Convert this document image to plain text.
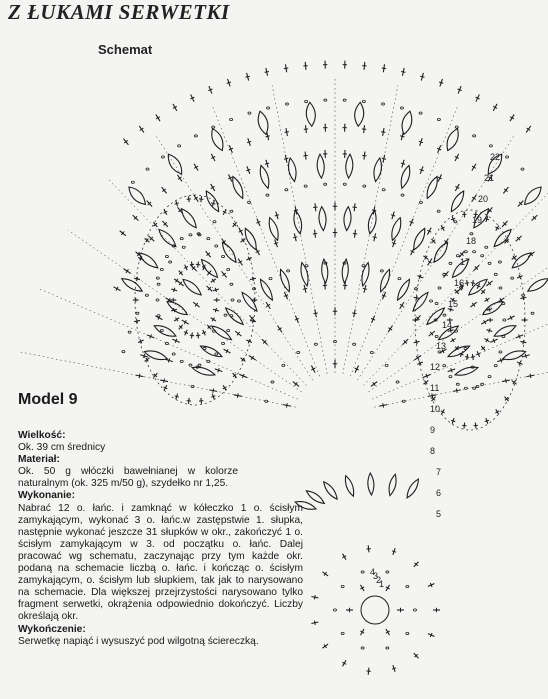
Z ŁUKAMI SERWETKI
Schemat
22
21
20
19
18
17
16
15
14
13
12
11
10
9
8
7
6
5
4
3
2
1
Model 9
Wielkość:
Ok. 39 cm średnicy
Materiał:
Ok. 50 g włóczki bawełnianej w kolorze naturalnym (ok. 325 m/50 g), szydełko nr 1,25.
Wykonanie:
Nabrać 12 o. łańc. i zamknąć w kółeczko 1 o. ścisłym zamykającym, wykonać 3 o. łańc.w zastępstwie 1. słupka, następnie wykonać jeszcze 31 słupków w okr., zakończyć 1 o. ścisłym zamykającym w 3. od początku o. łańc. Dalej pracować wg schematu, zaczynając przy tym każde okr. podaną na schemacie liczbą o. łańc. i kończąc o. ścisłym zamykającym, o. ścisłym lub słupkiem, tak jak to narysowano na schemacie. Dla większej przejrzystości narysowano tylko fragment serwetki, okrążenia odpowiednio dokończyć. Liczby określają okr.
Wykończenie:
Serwetkę napiąć i wysuszyć pod wilgotną ściereczką.
